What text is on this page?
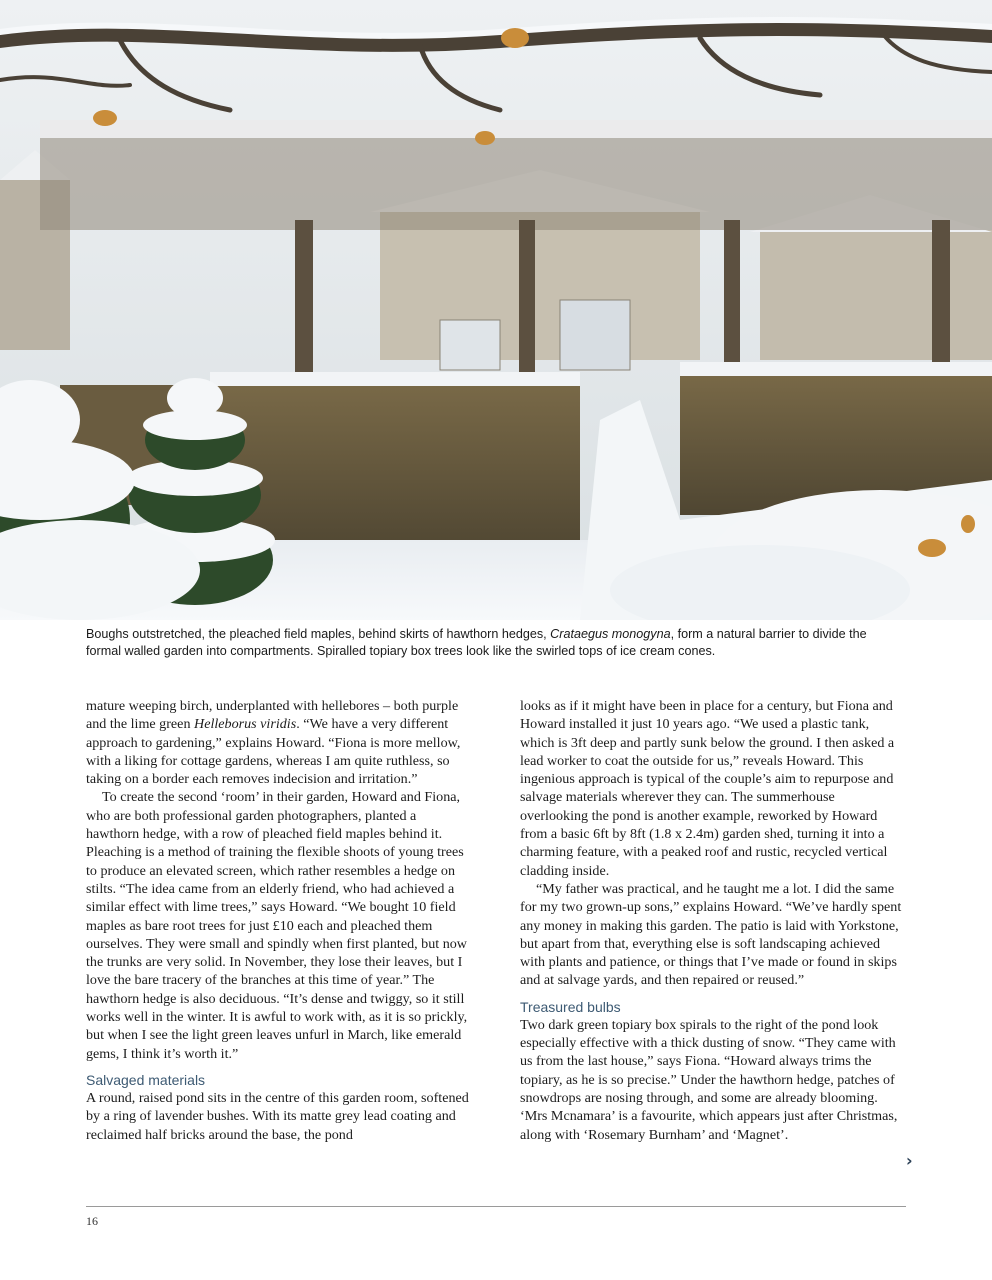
Boughs outstretched, the pleached field maples, behind skirts of hawthorn hedges, Crataegus monogyna, form a natural barrier to divide the formal walled garden into compartments. Spiralled topiary box trees look like the swirled tops of ice cream cones.

mature weeping birch, underplanted with hellebores – both purple and the lime green Helleborus viridis. “We have a very different approach to gardening,” explains Howard. “Fiona is more mellow, with a liking for cottage gardens, whereas I am quite ruthless, so taking on a border each removes indecision and irritation.”

To create the second ‘room’ in their garden, Howard and Fiona, who are both professional garden photographers, planted a hawthorn hedge, with a row of pleached field maples behind it. Pleaching is a method of training the flexible shoots of young trees to produce an elevated screen, which rather resembles a hedge on stilts. “The idea came from an elderly friend, who had achieved a similar effect with lime trees,” says Howard. “We bought 10 field maples as bare root trees for just £10 each and pleached them ourselves. They were small and spindly when first planted, but now the trunks are very solid. In November, they lose their leaves, but I love the bare tracery of the branches at this time of year.” The hawthorn hedge is also deciduous. “It’s dense and twiggy, so it still works well in the winter. It is awful to work with, as it is so prickly, but when I see the light green leaves unfurl in March, like emerald gems, I think it’s worth it.”

Salvaged materials

A round, raised pond sits in the centre of this garden room, softened by a ring of lavender bushes. With its matte grey lead coating and reclaimed half bricks around the base, the pond

looks as if it might have been in place for a century, but Fiona and Howard installed it just 10 years ago. “We used a plastic tank, which is 3ft deep and partly sunk below the ground. I then asked a lead worker to coat the outside for us,” reveals Howard. This ingenious approach is typical of the couple’s aim to repurpose and salvage materials wherever they can. The summerhouse overlooking the pond is another example, reworked by Howard from a basic 6ft by 8ft (1.8 x 2.4m) garden shed, turning it into a charming feature, with a peaked roof and rustic, recycled vertical cladding inside.

“My father was practical, and he taught me a lot. I did the same for my two grown-up sons,” explains Howard. “We’ve hardly spent any money in making this garden. The patio is laid with Yorkstone, but apart from that, everything else is soft landscaping achieved with plants and patience, or things that I’ve made or found in skips and at salvage yards, and then repaired or reused.”

Treasured bulbs

Two dark green topiary box spirals to the right of the pond look especially effective with a thick dusting of snow. “They came with us from the last house,” says Fiona. “Howard always trims the topiary, as he is so precise.” Under the hawthorn hedge, patches of snowdrops are nosing through, and some are already blooming. ‘Mrs Mcnamara’ is a favourite, which appears just after Christmas, along with ‘Rosemary Burnham’ and ‘Magnet’.

›
16
